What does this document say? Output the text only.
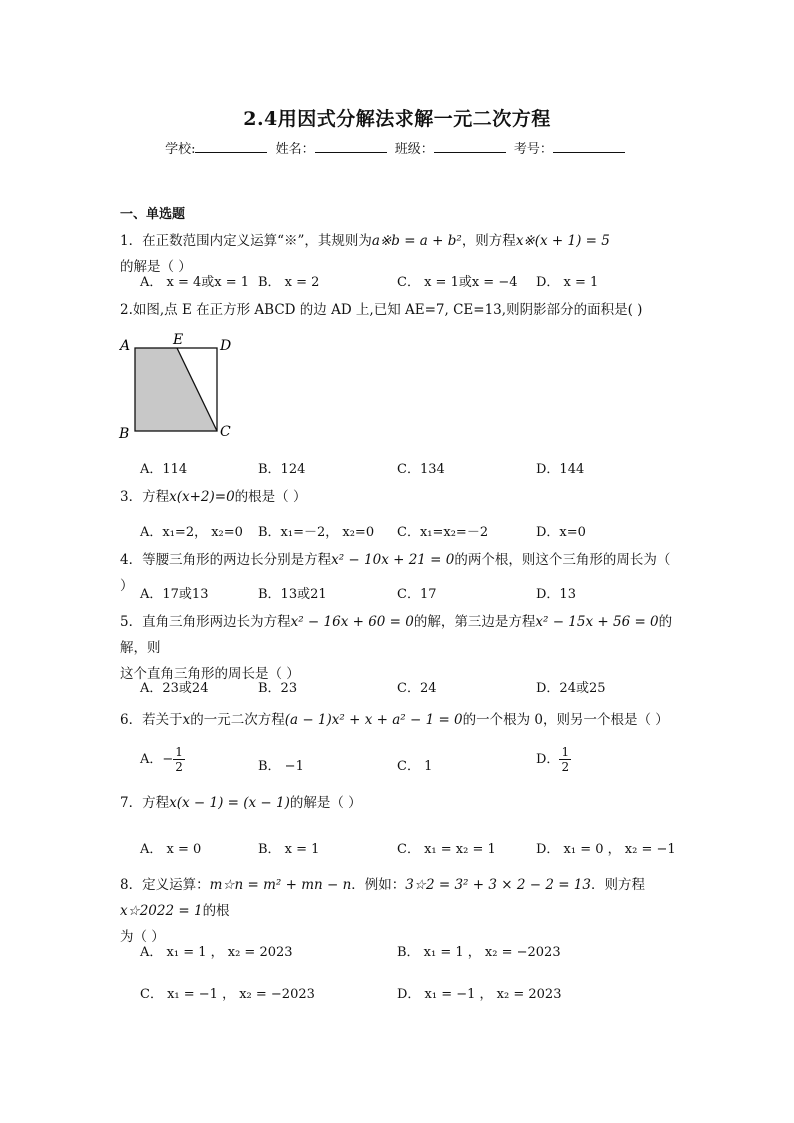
2.4用因式分解法求解一元二次方程
学校:	姓名：	班级：	考号：
一、单选题
1．在正数范围内定义运算“※”，其规则为a※b = a + b²，则方程x※(x + 1) = 5的解是（ ）
A． x = 4或x = 1 B． x = 2	C． x = 1或x = −4 D． x = 1
2.如图,点 E 在正方形 ABCD 的边 AD 上,已知 AE=7, CE=13,则阴影部分的面积是( )
A	E	D
B	C
A．114	B．124	C．134	D．144
3．方程x(x+2)=0的根是（ ）
A．x₁=2， x₂=0 B．x₁=－2， x₂=0 C．x₁=x₂=－2	D．x=0
4．等腰三角形的两边长分别是方程x² − 10x + 21 = 0的两个根，则这个三角形的周长为（ ）
A．17或13	B．13或21	C．17	D．13
5．直角三角形两边长为方程x² − 16x + 60 = 0的解，第三边是方程x² − 15x + 56 = 0的解，则
这个直角三角形的周长是（ ）
A．23或24	B．23	C．24	D．24或25
6．若关于x的一元二次方程(a − 1)x² + x + a² − 1 = 0的一个根为 0，则另一个根是（ ）
A．− $\frac{1}{2}$	B． −1	C． 1	D． $\frac{1}{2}$
7．方程x(x − 1) = (x − 1)的解是（ ）
A． x = 0	B． x = 1	C． x₁ = x₂ = 1	D． x₁ = 0 ， x₂ = −1
8．定义运算：m☆n = m² + mn − n．例如：3☆2 = 3² + 3 × 2 − 2 = 13．则方程x☆2022 = 1的根
为（ ）
A． x₁ = 1 ， x₂ = 2023	B． x₁ = 1 ， x₂ = −2023
C． x₁ = −1 ， x₂ = −2023	D． x₁ = −1 ， x₂ = 2023
